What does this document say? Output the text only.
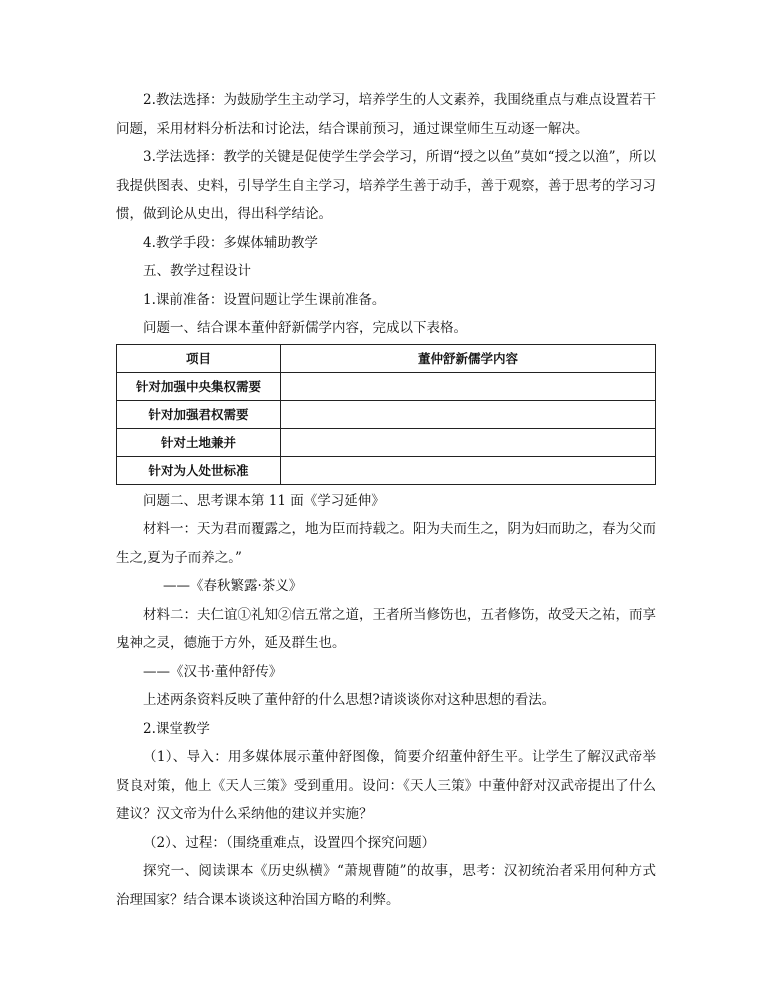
2.教法选择：为鼓励学生主动学习，培养学生的人文素养，我围绕重点与难点设置若干问题，采用材料分析法和讨论法，结合课前预习，通过课堂师生互动逐一解决。

3.学法选择：教学的关键是促使学生学会学习，所谓“授之以鱼”莫如“授之以渔”，所以我提供图表、史料，引导学生自主学习，培养学生善于动手，善于观察，善于思考的学习习惯，做到论从史出，得出科学结论。

4.教学手段：多媒体辅助教学

五、教学过程设计

1.课前准备：设置问题让学生课前准备。

问题一、结合课本董仲舒新儒学内容，完成以下表格。

项目	董仲舒新儒学内容
针对加强中央集权需要	
针对加强君权需要	
针对土地兼并	
针对为人处世标准	

问题二、思考课本第 11 面《学习延伸》

材料一：天为君而覆露之，地为臣而持载之。阳为夫而生之，阴为妇而助之，春为父而生之,夏为子而养之。”

——《春秋繁露·茶义》

材料二：夫仁谊①礼知②信五常之道，王者所当修饬也，五者修饬，故受天之祐，而享鬼神之灵，德施于方外，延及群生也。

——《汉书·董仲舒传》

上述两条资料反映了董仲舒的什么思想?请谈谈你对这种思想的看法。

2.课堂教学

（1）、导入：用多媒体展示董仲舒图像，简要介绍董仲舒生平。让学生了解汉武帝举贤良对策，他上《天人三策》受到重用。设问：《天人三策》中董仲舒对汉武帝提出了什么建议？汉文帝为什么采纳他的建议并实施？

（2）、过程：（围绕重难点，设置四个探究问题）

探究一、阅读课本《历史纵横》“萧规曹随”的故事，思考：汉初统治者采用何种方式治理国家？结合课本谈谈这种治国方略的利弊。
